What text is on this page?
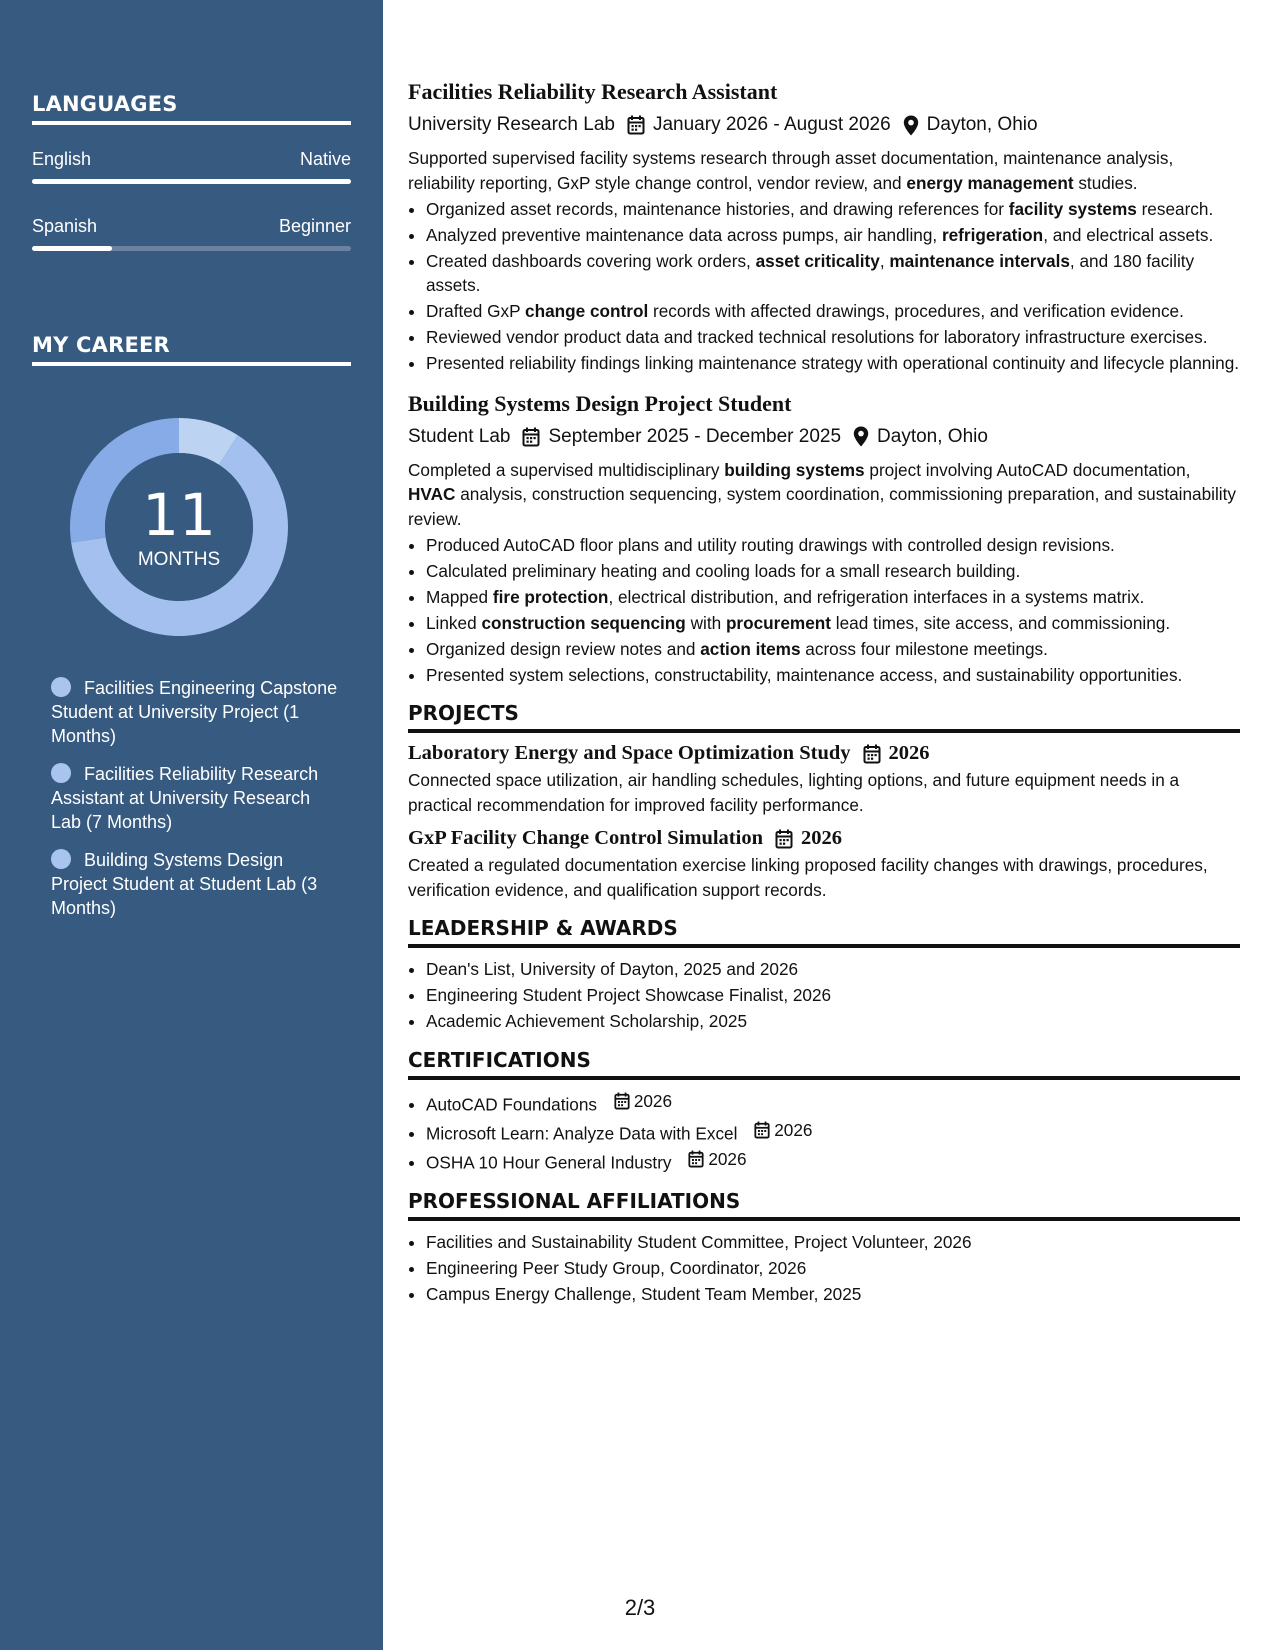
LANGUAGES
English	Native
Spanish	Beginner
MY CAREER
11
MONTHS
Facilities Engineering Capstone Student at University Project (1 Months)
Facilities Reliability Research Assistant at University Research Lab (7 Months)
Building Systems Design Project Student at Student Lab (3 Months)
Facilities Reliability Research Assistant
University Research Lab January 2026 - August 2026 Dayton, Ohio
Supported supervised facility systems research through asset documentation, maintenance analysis, reliability reporting, GxP style change control, vendor review, and energy management studies.
• Organized asset records, maintenance histories, and drawing references for facility systems research.
• Analyzed preventive maintenance data across pumps, air handling, refrigeration, and electrical assets.
• Created dashboards covering work orders, asset criticality, maintenance intervals, and 180 facility assets.
• Drafted GxP change control records with affected drawings, procedures, and verification evidence.
• Reviewed vendor product data and tracked technical resolutions for laboratory infrastructure exercises.
• Presented reliability findings linking maintenance strategy with operational continuity and lifecycle planning.
Building Systems Design Project Student
Student Lab September 2025 - December 2025 Dayton, Ohio
Completed a supervised multidisciplinary building systems project involving AutoCAD documentation, HVAC analysis, construction sequencing, system coordination, commissioning preparation, and sustainability review.
• Produced AutoCAD floor plans and utility routing drawings with controlled design revisions.
• Calculated preliminary heating and cooling loads for a small research building.
• Mapped fire protection, electrical distribution, and refrigeration interfaces in a systems matrix.
• Linked construction sequencing with procurement lead times, site access, and commissioning.
• Organized design review notes and action items across four milestone meetings.
• Presented system selections, constructability, maintenance access, and sustainability opportunities.
PROJECTS
Laboratory Energy and Space Optimization Study 2026
Connected space utilization, air handling schedules, lighting options, and future equipment needs in a practical recommendation for improved facility performance.
GxP Facility Change Control Simulation 2026
Created a regulated documentation exercise linking proposed facility changes with drawings, procedures, verification evidence, and qualification support records.
LEADERSHIP & AWARDS
• Dean's List, University of Dayton, 2025 and 2026
• Engineering Student Project Showcase Finalist, 2026
• Academic Achievement Scholarship, 2025
CERTIFICATIONS
• AutoCAD Foundations 2026
• Microsoft Learn: Analyze Data with Excel 2026
• OSHA 10 Hour General Industry 2026
PROFESSIONAL AFFILIATIONS
• Facilities and Sustainability Student Committee, Project Volunteer, 2026
• Engineering Peer Study Group, Coordinator, 2026
• Campus Energy Challenge, Student Team Member, 2025
2/3
